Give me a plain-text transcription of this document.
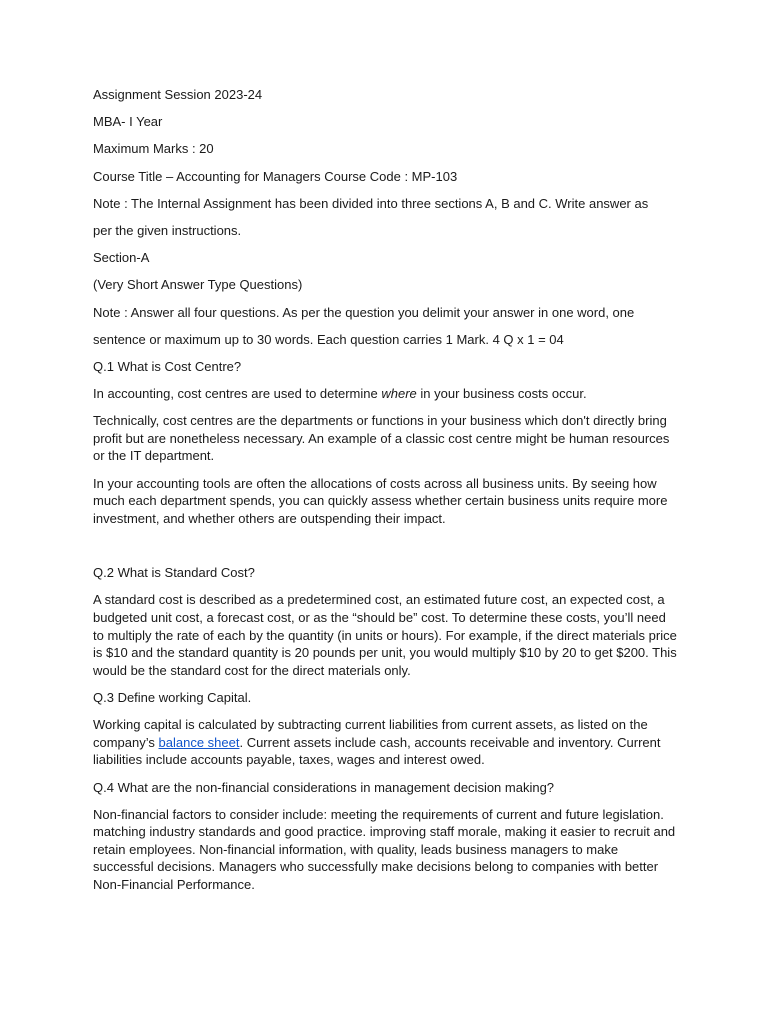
Assignment Session 2023-24

MBA- I Year

Maximum Marks : 20

Course Title – Accounting for Managers Course Code : MP-103

Note : The Internal Assignment has been divided into three sections A, B and C. Write answer as

per the given instructions.

Section-A

(Very Short Answer Type Questions)

Note : Answer all four questions. As per the question you delimit your answer in one word, one

sentence or maximum up to 30 words. Each question carries 1 Mark. 4 Q x 1 = 04

Q.1 What is Cost Centre?

In accounting, cost centres are used to determine where in your business costs occur.

Technically, cost centres are the departments or functions in your business which don't directly bring profit but are nonetheless necessary. An example of a classic cost centre might be human resources or the IT department.

In your accounting tools are often the allocations of costs across all business units. By seeing how much each department spends, you can quickly assess whether certain business units require more investment, and whether others are outspending their impact.

Q.2 What is Standard Cost?

A standard cost is described as a predetermined cost, an estimated future cost, an expected cost, a budgeted unit cost, a forecast cost, or as the “should be” cost. To determine these costs, you’ll need to multiply the rate of each by the quantity (in units or hours). For example, if the direct materials price is $10 and the standard quantity is 20 pounds per unit, you would multiply $10 by 20 to get $200. This would be the standard cost for the direct materials only.

Q.3 Define working Capital.

Working capital is calculated by subtracting current liabilities from current assets, as listed on the company’s balance sheet. Current assets include cash, accounts receivable and inventory. Current liabilities include accounts payable, taxes, wages and interest owed.

Q.4 What are the non-financial considerations in management decision making?

Non-financial factors to consider include: meeting the requirements of current and future legislation. matching industry standards and good practice. improving staff morale, making it easier to recruit and retain employees. Non-financial information, with quality, leads business managers to make successful decisions. Managers who successfully make decisions belong to companies with better Non-Financial Performance.
